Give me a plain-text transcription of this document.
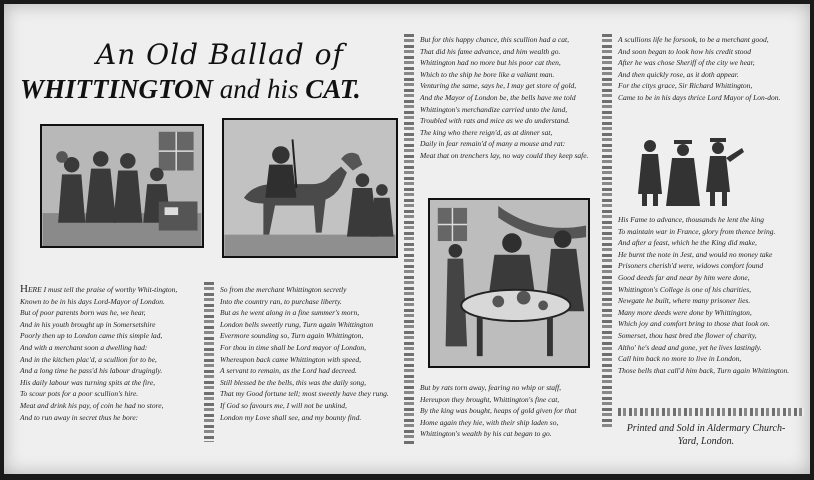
An Old Ballad of
WHITTINGTON and his CAT.
HERE I must tell the praise of worthy Whit-tington,
Known to be in his days Lord-Mayor of London.
But of poor parents born was he, we hear,
And in his youth brought up in Somersetshire
Poorly then up to London came this simple lad,
And with a merchant soon a dwelling had:
And in the kitchen plac'd, a scullion for to be,
And a long time he pass'd his labour drugingly.
His daily labour was turning spits at the fire,
To scour pots for a poor scullion's hire.
Meat and drink his pay, of coin he had no store,
And to run away in secret thus he bore:
So from the merchant Whittington secretly
Into the country ran, to purchase liberty.
But as he went along in a fine summer's morn,
London bells sweetly rung, Turn again Whittington
Evermore sounding so, Turn again Whittington,
For thou in time shall be Lord mayor of London,
Whereupon back came Whittington with speed,
A servant to remain, as the Lord had decreed.
Still blessed be the bells, this was the daily song,
That my Good fortune tell; most sweetly have they rung.
If God so favours me, I will not be unkind,
London my Love shall see, and my bounty find.
But for this happy chance, this scullion had a cat,
That did his fame advance, and him wealth go.
Whittington had no more but his poor cat then,
Which to the ship he bore like a valiant man.
Venturing the same, says he, I may get store of gold,
And the Mayor of London be, the bells have me told
Whittington's merchandize carried unto the land,
Troubled with rats and mice as we do understand.
The king who there reign'd, as at dinner sat,
Daily in fear remain'd of many a mouse and rat:
Meat that on trenchers lay, no way could they keep safe.
But by rats torn away, fearing no whip or staff,
Hereupon they brought, Whittington's fine cat,
By the king was bought, heaps of gold given for that
Home again they hie, with their ship laden so,
Whittington's wealth by his cat began to go.
A scullions life he forsook, to be a merchant good,
And soon began to look how his credit stood
After he was chose Sheriff of the city we hear,
And then quickly rose, as it doth appear.
For the citys grace, Sir Richard Whittington,
Came to be in his days thrice Lord Mayor of Lon-don.
His Fame to advance, thousands he lent the king
To maintain war in France, glory from thence bring.
And after a feast, which he the King did make,
He burnt the note in Jest, and would no money take
Prisoners cherish'd were, widows comfort found
Good deeds far and near by him were done,
Whittington's College is one of his charities,
Newgate he built, where many prisoner lies.
Many more deeds were done by Whittington,
Which joy and comfort bring to those that look on.
Somerset, thou hast bred the flower of charity,
Altho' he's dead and gone, yet he lives lastingly.
Call him back no more to live in London,
Those bells that call'd him back, Turn again Whittington.
Printed and Sold in Aldermary Church-
Yard, London.
